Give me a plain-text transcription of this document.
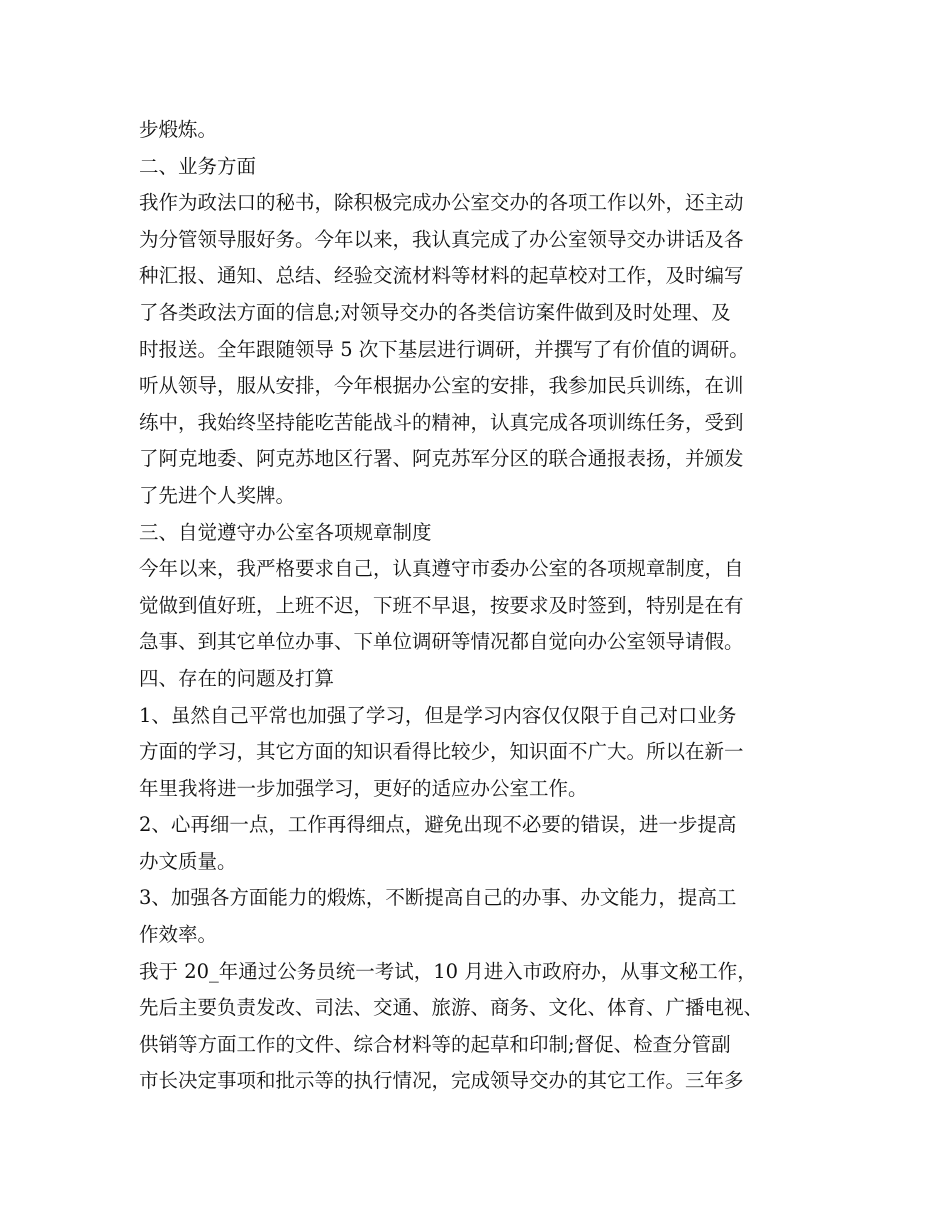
步煅炼。
二、业务方面
我作为政法口的秘书，除积极完成办公室交办的各项工作以外，还主动
为分管领导服好务。今年以来，我认真完成了办公室领导交办讲话及各
种汇报、通知、总结、经验交流材料等材料的起草校对工作，及时编写
了各类政法方面的信息;对领导交办的各类信访案件做到及时处理、及
时报送。全年跟随领导 5 次下基层进行调研，并撰写了有价值的调研。
听从领导，服从安排，今年根据办公室的安排，我参加民兵训练，在训
练中，我始终坚持能吃苦能战斗的精神，认真完成各项训练任务，受到
了阿克地委、阿克苏地区行署、阿克苏军分区的联合通报表扬，并颁发
了先进个人奖牌。
三、自觉遵守办公室各项规章制度
今年以来，我严格要求自己，认真遵守市委办公室的各项规章制度，自
觉做到值好班，上班不迟，下班不早退，按要求及时签到，特别是在有
急事、到其它单位办事、下单位调研等情况都自觉向办公室领导请假。
四、存在的问题及打算
1、虽然自己平常也加强了学习，但是学习内容仅仅限于自己对口业务
方面的学习，其它方面的知识看得比较少，知识面不广大。所以在新一
年里我将进一步加强学习，更好的适应办公室工作。
2、心再细一点，工作再得细点，避免出现不必要的错误，进一步提高
办文质量。
3、加强各方面能力的煅炼，不断提高自己的办事、办文能力，提高工
作效率。
我于 20_年通过公务员统一考试，10 月进入市政府办，从事文秘工作，
先后主要负责发改、司法、交通、旅游、商务、文化、体育、广播电视、
供销等方面工作的文件、综合材料等的起草和印制;督促、检查分管副
市长决定事项和批示等的执行情况，完成领导交办的其它工作。三年多
